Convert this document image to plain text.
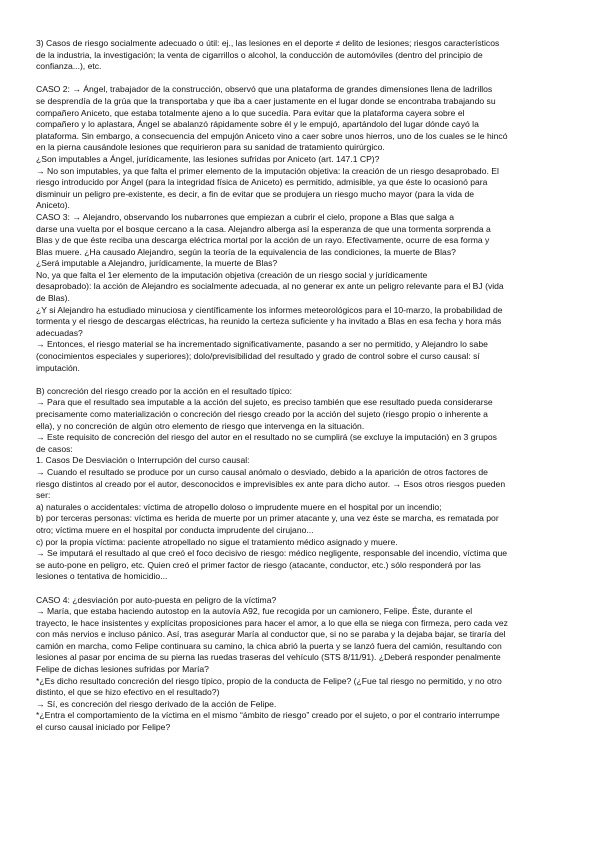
3) Casos de riesgo socialmente adecuado o útil: ej., las lesiones en el deporte ≠ delito de lesiones; riesgos característicos
de la industria, la investigación; la venta de cigarrillos o alcohol, la conducción de automóviles (dentro del principio de
confianza...), etc.
CASO 2: → Ángel, trabajador de la construcción, observó que una plataforma de grandes dimensiones llena de ladrillos
se desprendía de la grúa que la transportaba y que iba a caer justamente en el lugar donde se encontraba trabajando su
compañero Aniceto, que estaba totalmente ajeno a lo que sucedía. Para evitar que la plataforma cayera sobre el
compañero y lo aplastara, Ángel se abalanzó rápidamente sobre él y le empujó, apartándolo del lugar dónde cayó la
plataforma. Sin embargo, a consecuencia del empujón Aniceto vino a caer sobre unos hierros, uno de los cuales se le hincó
en la pierna causándole lesiones que requirieron para su sanidad de tratamiento quirúrgico.
¿Son imputables a Ángel, jurídicamente, las lesiones sufridas por Aniceto (art. 147.1 CP)?
→ No son imputables, ya que falta el primer elemento de la imputación objetiva: la creación de un riesgo desaprobado. El
riesgo introducido por Ángel (para la integridad física de Aniceto) es permitido, admisible, ya que éste lo ocasionó para
disminuir un peligro pre-existente, es decir, a fin de evitar que se produjera un riesgo mucho mayor (para la vida de
Aniceto).
CASO 3: → Alejandro, observando los nubarrones que empiezan a cubrir el cielo, propone a Blas que salga a
darse una vuelta por el bosque cercano a la casa. Alejandro alberga así la esperanza de que una tormenta sorprenda a
Blas y de que éste reciba una descarga eléctrica mortal por la acción de un rayo. Efectivamente, ocurre de esa forma y
Blas muere. ¿Ha causado Alejandro, según la teoría de la equivalencia de las condiciones, la muerte de Blas?
¿Será imputable a Alejandro, jurídicamente, la muerte de Blas?
No, ya que falta el 1er elemento de la imputación objetiva (creación de un riesgo social y jurídicamente
desaprobado): la acción de Alejandro es socialmente adecuada, al no generar ex ante un peligro relevante para el BJ (vida
de Blas).
¿Y si Alejandro ha estudiado minuciosa y científicamente los informes meteorológicos para el 10-marzo, la probabilidad de
tormenta y el riesgo de descargas eléctricas, ha reunido la certeza suficiente y ha invitado a Blas en esa fecha y hora más
adecuadas?
→ Entonces, el riesgo material se ha incrementado significativamente, pasando a ser no permitido, y Alejandro lo sabe
(conocimientos especiales y superiores); dolo/previsibilidad del resultado y grado de control sobre el curso causal: sí
imputación.
B) concreción del riesgo creado por la acción en el resultado típico:
→ Para que el resultado sea imputable a la acción del sujeto, es preciso también que ese resultado pueda considerarse
precisamente como materialización o concreción del riesgo creado por la acción del sujeto (riesgo propio o inherente a
ella), y no concreción de algún otro elemento de riesgo que intervenga en la situación.
→ Este requisito de concreción del riesgo del autor en el resultado no se cumplirá (se excluye la imputación) en 3 grupos
de casos:
1. Casos De Desviación o Interrupción del curso causal:
→ Cuando el resultado se produce por un curso causal anómalo o desviado, debido a la aparición de otros factores de
riesgo distintos al creado por el autor, desconocidos e imprevisibles ex ante para dicho autor. → Esos otros riesgos pueden
ser:
a) naturales o accidentales: víctima de atropello doloso o imprudente muere en el hospital por un incendio;
b) por terceras personas: víctima es herida de muerte por un primer atacante y, una vez éste se marcha, es rematada por
otro; víctima muere en el hospital por conducta imprudente del cirujano...
c) por la propia víctima: paciente atropellado no sigue el tratamiento médico asignado y muere.
→ Se imputará el resultado al que creó el foco decisivo de riesgo: médico negligente, responsable del incendio, víctima que
se auto-pone en peligro, etc. Quien creó el primer factor de riesgo (atacante, conductor, etc.) sólo responderá por las
lesiones o tentativa de homicidio...
CASO 4: ¿desviación por auto-puesta en peligro de la víctima?
→ María, que estaba haciendo autostop en la autovía A92, fue recogida por un camionero, Felipe. Éste, durante el
trayecto, le hace insistentes y explícitas proposiciones para hacer el amor, a lo que ella se niega con firmeza, pero cada vez
con más nervios e incluso pánico. Así, tras asegurar María al conductor que, si no se paraba y la dejaba bajar, se tiraría del
camión en marcha, como Felipe continuara su camino, la chica abrió la puerta y se lanzó fuera del camión, resultando con
lesiones al pasar por encima de su pierna las ruedas traseras del vehículo (STS 8/11/91). ¿Deberá responder penalmente
Felipe de dichas lesiones sufridas por María?
*¿Es dicho resultado concreción del riesgo típico, propio de la conducta de Felipe? (¿Fue tal riesgo no permitido, y no otro
distinto, el que se hizo efectivo en el resultado?)
→ Sí, es concreción del riesgo derivado de la acción de Felipe.
*¿Entra el comportamiento de la víctima en el mismo “ámbito de riesgo” creado por el sujeto, o por el contrario interrumpe
el curso causal iniciado por Felipe?
